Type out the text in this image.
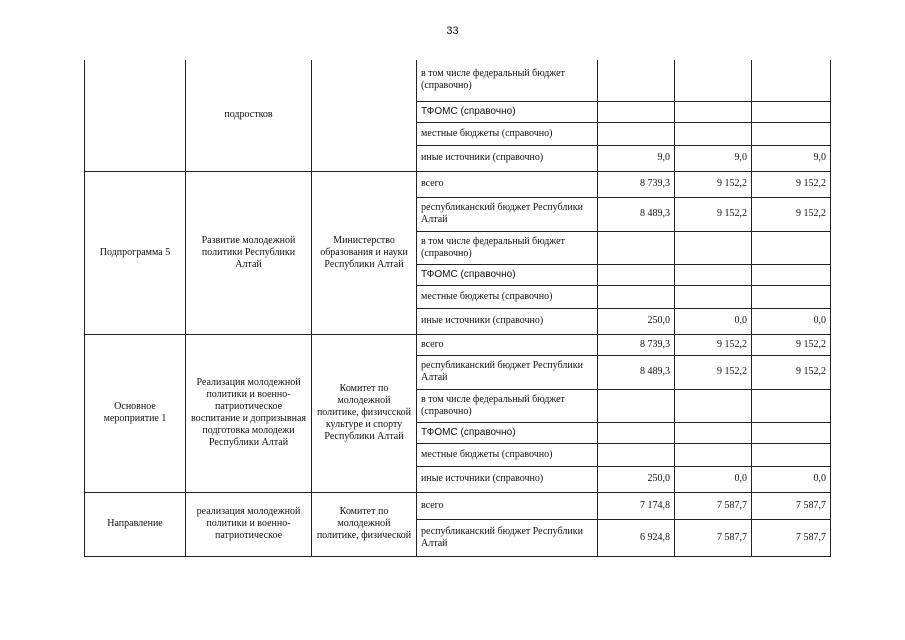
33
	подростков		в том числе федеральный бюджет (справочно)			
			ТФОМС (справочно)			
			местные бюджеты (справочно)			
			иные источники (справочно)	9,0	9,0	9,0
Подпрограмма 5	Развитие молодежной политики Республики Алтай	Министерство образования и науки Республики Алтай	всего	8 739,3	9 152,2	9 152,2
			республиканский бюджет Республики Алтай	8 489,3	9 152,2	9 152,2
			в том числе федеральный бюджет (справочно)			
			ТФОМС (справочно)			
			местные бюджеты (справочно)			
			иные источники (справочно)	250,0	0,0	0,0
Основное мероприятие 1	Реализация молодежной политики и военно-патриотическое воспитание и допризывная подготовка молодежи Республики Алтай	Комитет по молодежной политике, физичсской культуре и спорту Республики Алтай	всего	8 739,3	9 152,2	9 152,2
			республиканский бюджет Республики Алтай	8 489,3	9 152,2	9 152,2
			в том числе федеральный бюджет (справочно)			
			ТФОМС (справочно)			
			местные бюджеты (справочно)			
			иные источники (справочно)	250,0	0,0	0,0
Направление	реализация молодежной политики и военно-патриотическое	Комитет по молодежной политике, физической	всего	7 174,8	7 587,7	7 587,7
			республиканский бюджет Республики Алтай	6 924,8	7 587,7	7 587,7
